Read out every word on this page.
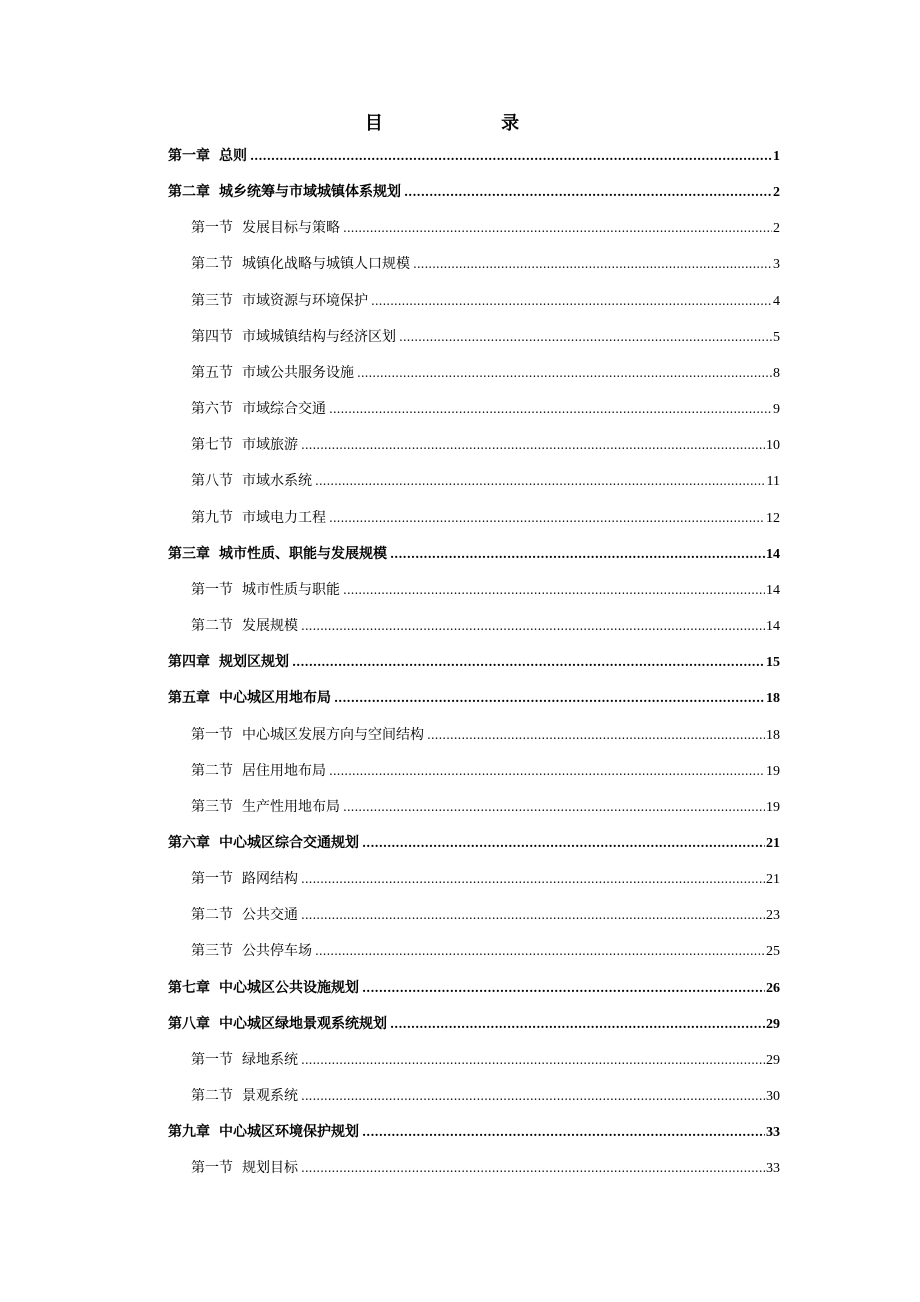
目 录
第一章 总则 .....	1
第二章 城乡统筹与市域城镇体系规划 .....	2
第一节 发展目标与策略 .....	2
第二节 城镇化战略与城镇人口规模 .....	3
第三节 市域资源与环境保护 .....	4
第四节 市域城镇结构与经济区划 .....	5
第五节 市域公共服务设施 .....	8
第六节 市域综合交通 .....	9
第七节 市域旅游 .....	10
第八节 市域水系统 .....	11
第九节 市域电力工程 .....	12
第三章 城市性质、职能与发展规模 .....	14
第一节 城市性质与职能 .....	14
第二节 发展规模 .....	14
第四章 规划区规划 .....	15
第五章 中心城区用地布局 .....	18
第一节 中心城区发展方向与空间结构 .....	18
第二节 居住用地布局 .....	19
第三节 生产性用地布局 .....	19
第六章 中心城区综合交通规划 .....	21
第一节 路网结构 .....	21
第二节 公共交通 .....	23
第三节 公共停车场 .....	25
第七章 中心城区公共设施规划 .....	26
第八章 中心城区绿地景观系统规划 .....	29
第一节 绿地系统 .....	29
第二节 景观系统 .....	30
第九章 中心城区环境保护规划 .....	33
第一节 规划目标 .....	33
